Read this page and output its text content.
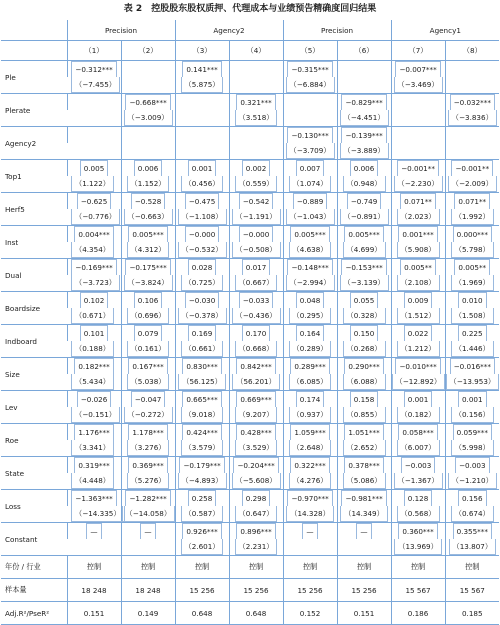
表 2　控股股东股权质押、代理成本与业绩预告精确度回归结果
	Precision		Agency2		Precision		Agency1	
	（1）	（2）	（3）	（4）	（5）	（6）	（7）	（8）
Ple	−0.312***		0.141***		−0.315***		−0.007***	
	（−7.455）		（5.875）		（−6.884）		（−3.469）	
Plerate		−0.668***		0.321***		−0.829***		−0.032***
		（−3.009）		（3.518）		（−4.451）		（−3.836）
Agency2					−0.130***	−0.139***		
					（−3.709）	（−3.889）		
Top1	0.005	0.006	0.001	0.002	0.007	0.006	−0.001**	−0.001**
	（1.122）	（1.152）	（0.456）	（0.559）	（1.074）	（0.948）	（−2.230）	（−2.009）
Herf5	−0.625	−0.528	−0.475	−0.542	−0.889	−0.749	0.071**	0.071**
	（−0.776）	（−0.663）	（−1.108）	（−1.191）	（−1.043）	（−0.891）	（2.023）	（1.992）
Inst	0.004***	0.005***	−0.000	−0.000	0.005***	0.005***	0.001***	0.000***
	（4.354）	（4.312）	（−0.532）	（−0.508）	（4.638）	（4.699）	（5.908）	（5.798）
Dual	−0.169***	−0.175***	0.028	0.017	−0.148***	−0.153***	0.005**	0.005**
	（−3.723）	（−3.824）	（0.725）	（0.667）	（−2.994）	（−3.139）	（2.108）	（1.969）
Boardsize	0.102	0.106	−0.030	−0.033	0.048	0.055	0.009	0.010
	（0.671）	（0.696）	（−0.378）	（−0.436）	（0.295）	（0.328）	（1.512）	（1.508）
Indboard	0.101	0.079	0.169	0.170	0.164	0.150	0.022	0.225
	（0.188）	（0.161）	（0.661）	（0.668）	（0.289）	（0.268）	（1.212）	（1.446）
Size	0.182***	0.167***	0.830***	0.842***	0.289***	0.290***	−0.010***	−0.016***
	（5.434）	（5.038）	（56.125）	（56.201）	（6.085）	（6.088）	（−12.892）	（−13.953）
Lev	−0.026	−0.047	0.665***	0.669***	0.174	0.158	0.001	0.001
	（−0.151）	（−0.272）	（9.018）	（9.207）	（0.937）	（0.855）	（0.182）	（0.156）
Roe	1.176***	1.178***	0.424***	0.428***	1.059***	1.051***	0.058***	0.059***
	（3.341）	（3.276）	（3.579）	（3.529）	（2.648）	（2.652）	（6.007）	（5.998）
State	0.319***	0.369***	−0.179***	−0.204***	0.322***	0.378***	−0.003	−0.003
	（4.448）	（5.276）	（−4.893）	（−5.608）	（4.276）	（5.086）	（−1.367）	（−1.210）
Loss	−1.363***	−1.282***	0.258	0.298	−0.970***	−0.981***	0.128	0.156
	（−14.335）	（−14.058）	（0.587）	（0.647）	（14.328）	（14.349）	（0.568）	（0.674）
Constant	—	—	0.926***	0.896***	—	—	0.360***	0.355***
			（2.601）	（2.231）			（13.969）	（13.807）
年份 / 行业	控制	控制	控制	控制	控制	控制	控制	控制
样本量	18 248	18 248	15 256	15 256	15 256	15 256	15 567	15 567
Adj.R²/PseR²	0.151	0.149	0.648	0.648	0.152	0.151	0.186	0.185
